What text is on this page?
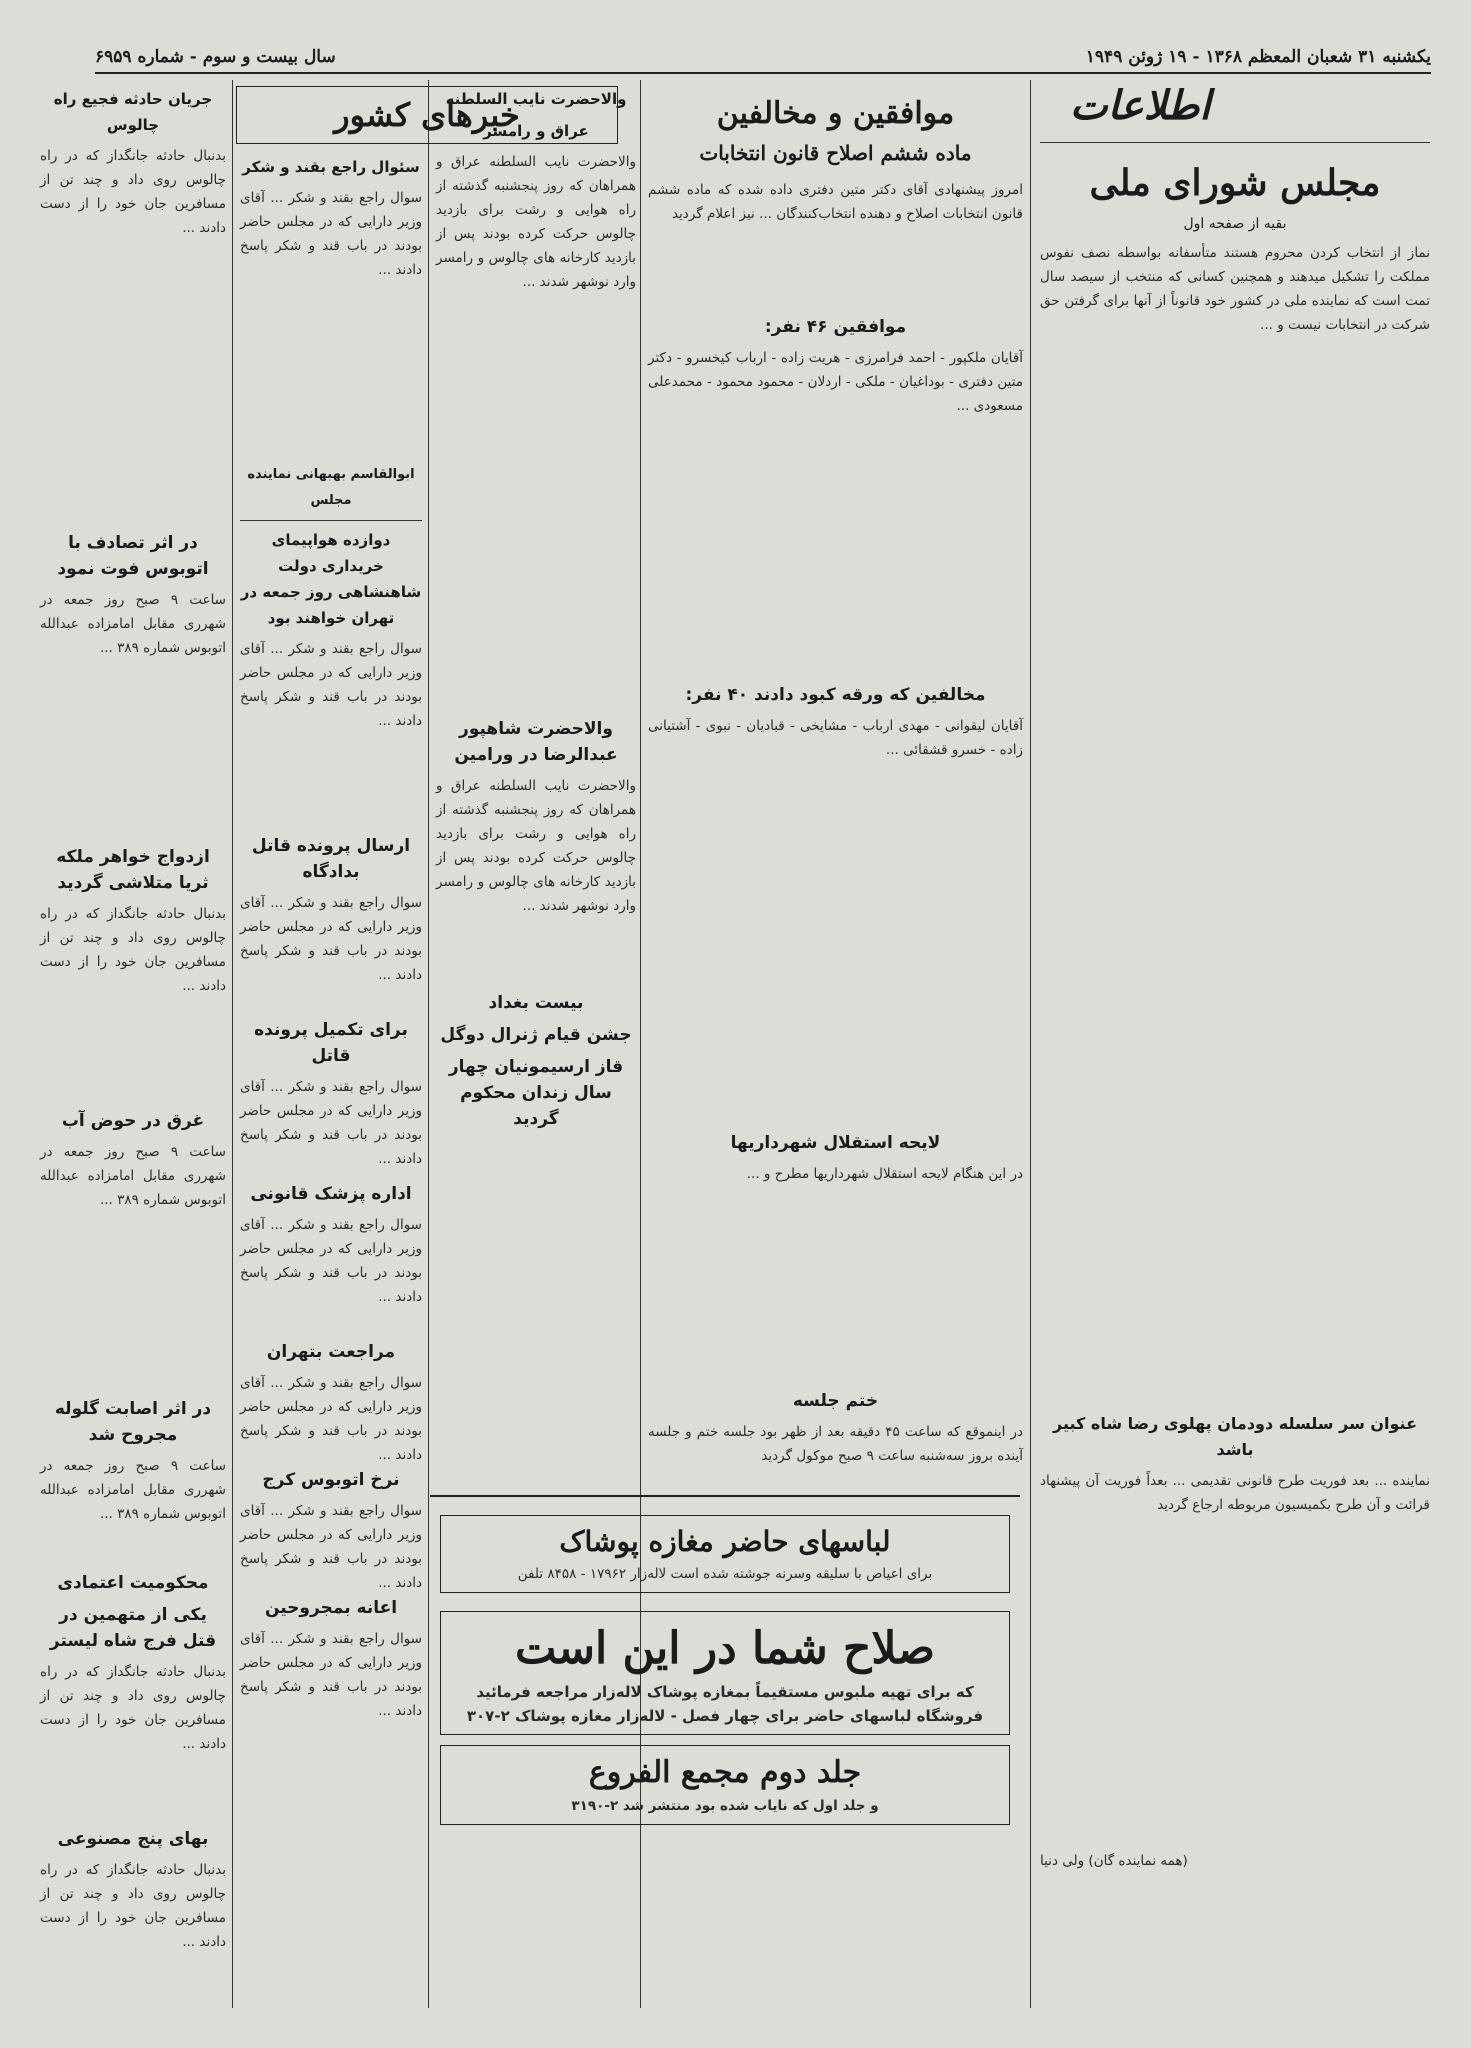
یکشنبه ۳۱ شعبان المعظم ۱۳۶۸ - ۱۹ ژوئن ۱۹۴۹
سال بیست و سوم - شماره ۶۹۵۹
اطلاعات
مجلس شورای ملی
بقیه از صفحه اول
نماز از انتخاب کردن محروم هستند متأسفانه بواسطه نصف نفوس مملکت را تشکیل میدهند و همچنین کسانی که منتخب از سیصد سال تمت است که نماینده ملی در کشور خود قانوناً از آنها برای گرفتن حق شرکت در انتخابات نیست و ...
عنوان سر سلسله دودمان پهلوی رضا شاه کبیر باشد
نماینده ... بعد فوریت طرح قانونی تقدیمی ... بعداً فوریت آن پیشنهاد قرائت و آن طرح بکمیسیون مربوطه ارجاع گردید
(همه نماینده گان) ولی دنیا
موافقین و مخالفین
ماده ششم اصلاح قانون انتخابات
امروز پیشنهادی آقای دکتر متین دفتری داده شده که ماده ششم قانون انتخابات اصلاح و دهنده انتخاب‌کنندگان ... نیز اعلام گردید
موافقین ۴۶ نفر:
آقایان ملکپور - احمد فرامرزی - هریت زاده - ارباب کیخسرو - دکتر متین دفتری - بوداغیان - ملکی - اردلان - محمود محمود - محمدعلی مسعودی ...
مخالفین که ورقه کبود دادند ۴۰ نفر:
آقایان لیقوانی - مهدی ارباب - مشایخی - قبادیان - نبوی - آشتیانی زاده - خسرو قشقائی ...
لایحه استقلال شهرداریها
در این هنگام لایحه استقلال شهرداریها مطرح و ...
ختم جلسه
در اینموقع که ساعت ۴۵ دقیقه بعد از ظهر بود جلسه ختم و جلسه آینده بروز سه‌شنبه ساعت ۹ صبح موکول گردید
والاحضرت نایب السلطنه
عراق و رامسر
والاحضرت نایب السلطنه عراق و همراهان که روز پنجشنبه گذشته از راه هوایی و رشت برای بازدید چالوس حرکت کرده بودند پس از بازدید کارخانه های چالوس و رامسر وارد نوشهر شدند ...
والاحضرت شاهپور عبدالرضا در ورامین
والاحضرت نایب السلطنه عراق و همراهان که روز پنجشنبه گذشته از راه هوایی و رشت برای بازدید چالوس حرکت کرده بودند پس از بازدید کارخانه های چالوس و رامسر وارد نوشهر شدند ...
بیست بغداد
جشن قیام ژنرال دوگل
قاز ارسیمونیان چهار سال زندان محکوم گردید
خبرهای کشور
سئوال راجع بقند و شکر
سوال راجع بقند و شکر ... آقای وزیر دارایی که در مجلس حاضر بودند در باب قند و شکر پاسخ دادند ...
ابوالقاسم بهبهانی نماینده مجلس
دوازده هواپیمای خریداری دولت شاهنشاهی روز جمعه در تهران خواهند بود
سوال راجع بقند و شکر ... آقای وزیر دارایی که در مجلس حاضر بودند در باب قند و شکر پاسخ دادند ...
ارسال پرونده قاتل بدادگاه
سوال راجع بقند و شکر ... آقای وزیر دارایی که در مجلس حاضر بودند در باب قند و شکر پاسخ دادند ...
برای تکمیل پرونده قاتل
سوال راجع بقند و شکر ... آقای وزیر دارایی که در مجلس حاضر بودند در باب قند و شکر پاسخ دادند ...
اداره پزشک قانونی
سوال راجع بقند و شکر ... آقای وزیر دارایی که در مجلس حاضر بودند در باب قند و شکر پاسخ دادند ...
مراجعت بتهران
سوال راجع بقند و شکر ... آقای وزیر دارایی که در مجلس حاضر بودند در باب قند و شکر پاسخ دادند ...
نرخ اتوبوس کرج
سوال راجع بقند و شکر ... آقای وزیر دارایی که در مجلس حاضر بودند در باب قند و شکر پاسخ دادند ...
اعانه بمجروحین
سوال راجع بقند و شکر ... آقای وزیر دارایی که در مجلس حاضر بودند در باب قند و شکر پاسخ دادند ...
جریان حادثه فجیع راه چالوس
بدنبال حادثه جانگداز که در راه چالوس روی داد و چند تن از مسافرین جان خود را از دست دادند ...
در اثر تصادف با اتوبوس فوت نمود
ساعت ۹ صبح روز جمعه در شهرری مقابل امامزاده عبدالله اتوبوس شماره ۳۸۹ ...
ازدواج خواهر ملکه ثریا متلاشی گردید
بدنبال حادثه جانگداز که در راه چالوس روی داد و چند تن از مسافرین جان خود را از دست دادند ...
غرق در حوض آب
ساعت ۹ صبح روز جمعه در شهرری مقابل امامزاده عبدالله اتوبوس شماره ۳۸۹ ...
در اثر اصابت گلوله مجروح شد
ساعت ۹ صبح روز جمعه در شهرری مقابل امامزاده عبدالله اتوبوس شماره ۳۸۹ ...
محکومیت اعتمادی
یکی از متهمین در قتل فرج شاه لیستر
بدنبال حادثه جانگداز که در راه چالوس روی داد و چند تن از مسافرین جان خود را از دست دادند ...
بهای پنج مصنوعی
بدنبال حادثه جانگداز که در راه چالوس روی داد و چند تن از مسافرین جان خود را از دست دادند ...
لباسهای حاضر مغازه پوشاک
برای اعیاص با سلیقه وسرنه جوشته شده است لاله‌زار ۱۷۹۶۲ - ۸۴۵۸ تلفن
صلاح شما در این است
که برای تهیه ملبوس مستقیماً بمغازه پوشاک لاله‌زار مراجعه فرمائید
فروشگاه لباسهای حاضر برای چهار فصل - لاله‌زار مغازه پوشاک ۲-۳۰۷
جلد دوم مجمع الفروع
و جلد اول که نایاب شده بود منتشر شد ۲-۳۱۹۰
